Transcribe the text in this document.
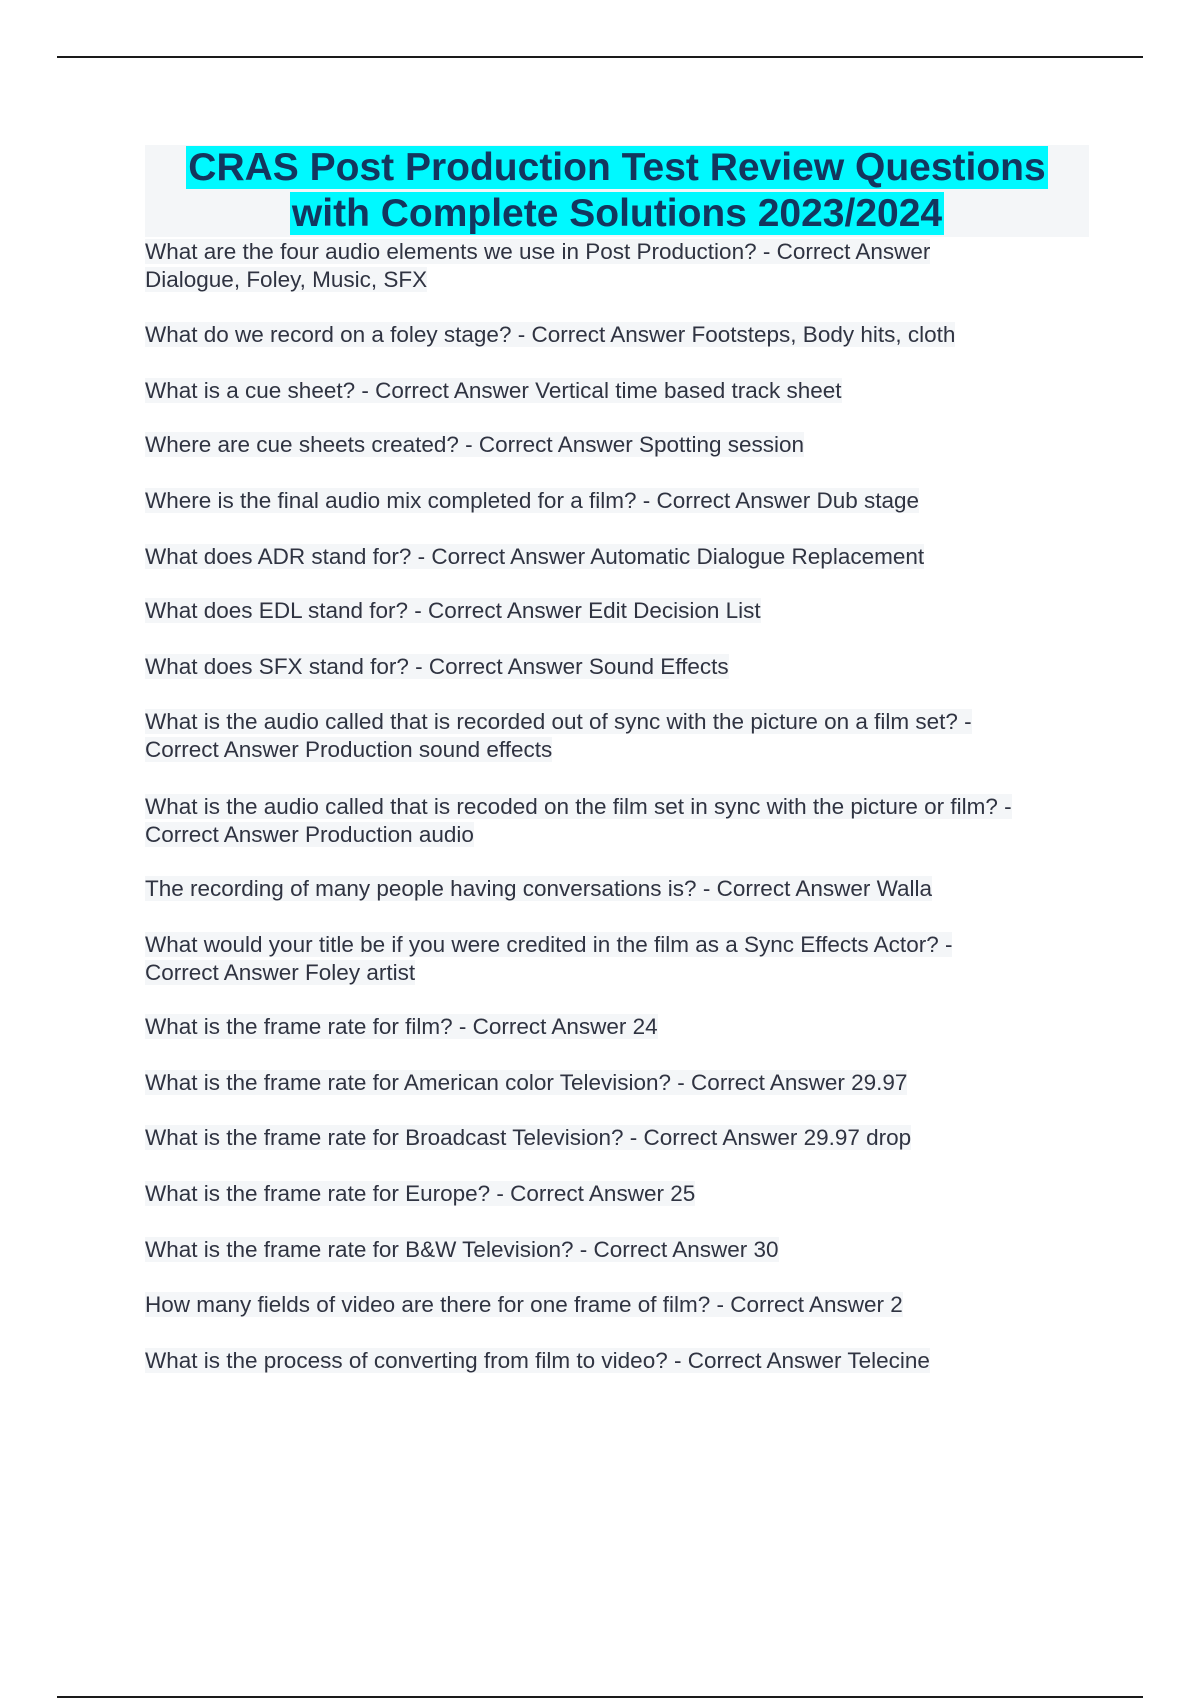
CRAS Post Production Test Review Questions
with Complete Solutions 2023/2024
What are the four audio elements we use in Post Production? - Correct Answer
Dialogue, Foley, Music, SFX
What do we record on a foley stage? - Correct Answer Footsteps, Body hits, cloth
What is a cue sheet? - Correct Answer Vertical time based track sheet
Where are cue sheets created? - Correct Answer Spotting session
Where is the final audio mix completed for a film? - Correct Answer Dub stage
What does ADR stand for? - Correct Answer Automatic Dialogue Replacement
What does EDL stand for? - Correct Answer Edit Decision List
What does SFX stand for? - Correct Answer Sound Effects
What is the audio called that is recorded out of sync with the picture on a film set? -
Correct Answer Production sound effects
What is the audio called that is recoded on the film set in sync with the picture or film? -
Correct Answer Production audio
The recording of many people having conversations is? - Correct Answer Walla
What would your title be if you were credited in the film as a Sync Effects Actor? -
Correct Answer Foley artist
What is the frame rate for film? - Correct Answer 24
What is the frame rate for American color Television? - Correct Answer 29.97
What is the frame rate for Broadcast Television? - Correct Answer 29.97 drop
What is the frame rate for Europe? - Correct Answer 25
What is the frame rate for B&W Television? - Correct Answer 30
How many fields of video are there for one frame of film? - Correct Answer 2
What is the process of converting from film to video? - Correct Answer Telecine
